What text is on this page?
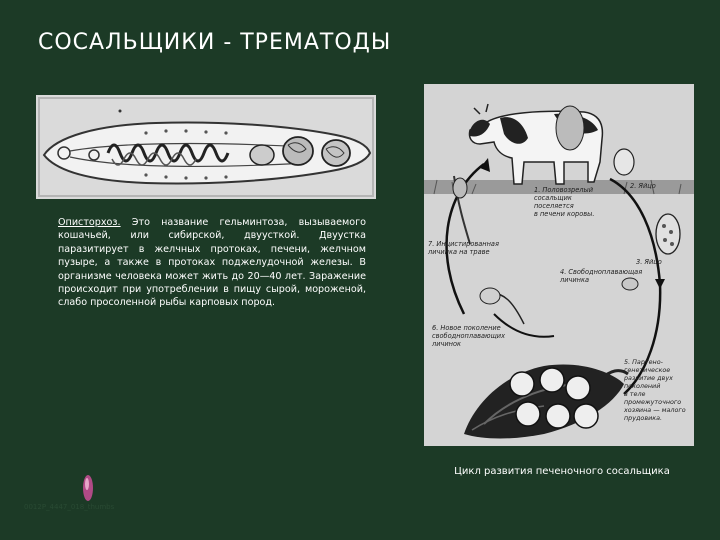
СОСАЛЬЩИКИ - ТРЕМАТОДЫ
Описторхоз. Это название гельминтоза, вызываемого кошачьей, или сибирской, двуусткой. Двуустка паразитирует в желчных протоках, печени, желчном пузыре, а также в протоках поджелудочной железы. В организме человека может жить до 20—40 лет. Заражение происходит при употреблении в пищу сырой, мороженой, слабо просоленной рыбы карповых пород.
1. Половозрелый сосальщик поселяется в печени коровы.
2. Яйцо
3. Яйцо
4. Свободноплавающая личинка
5. Партено- генетическое развитие двух поколений в теле промежуточного хозяина — малого прудовика.
6. Новое поколение свободноплавающих личинок
7. Инцистированная личинка на траве
Цикл развития печеночного сосальщика
0012P_4447_018_thumbs
